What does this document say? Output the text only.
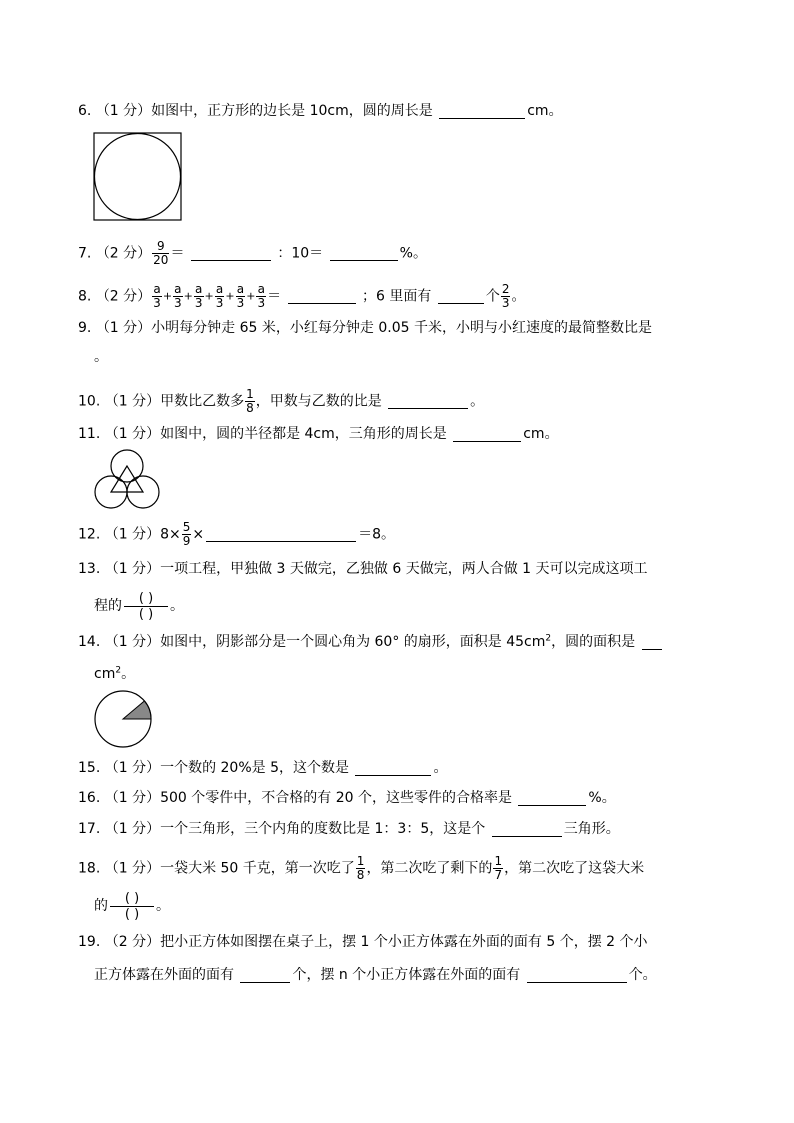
6. （1 分）如图中，正方形的边长是 10cm，圆的周长是	cm。
7. （2 分） $\frac{9}{20}$ ＝	：10＝	%。
8. （2 分） $\frac{a}{3} + \frac{a}{3} + \frac{a}{3} + \frac{a}{3} + \frac{a}{3} + \frac{a}{3}$ ＝	；6 里面有	个 $\frac{2}{3}$ 。
9. （1 分）小明每分钟走 65 米，小红每分钟走 0.05 千米，小明与小红速度的最简整数比是
。
10. （1 分）甲数比乙数多 $\frac{1}{8}$ ，甲数与乙数的比是	。
11. （1 分）如图中，圆的半径都是 4cm，三角形的周长是	cm。
12. （1 分）$8\times \frac{5}{9}$ ×	＝8。
13. （1 分）一项工程，甲独做 3 天做完，乙独做 6 天做完，两人合做 1 天可以完成这项工
程的 $\frac{( )}{( )}$ 。
14. （1 分）如图中，阴影部分是一个圆心角为 60° 的扇形，面积是 $45cm^2$，圆的面积是
$cm^2$。
15. （1 分）一个数的 20%是 5，这个数是	。
16. （1 分）500 个零件中，不合格的有 20 个，这些零件的合格率是	%。
17. （1 分）一个三角形，三个内角的度数比是 1：3：5，这是个	三角形。
18. （1 分）一袋大米 50 千克，第一次吃了 $\frac{1}{8}$ ，第二次吃了剩下的 $\frac{1}{7}$ ，第二次吃了这袋大米
的 $\frac{( )}{( )}$ 。
19. （2 分）把小正方体如图摆在桌子上，摆 1 个小正方体露在外面的面有 5 个，摆 2 个小
正方体露在外面的面有	个，摆 n 个小正方体露在外面的面有	个。
